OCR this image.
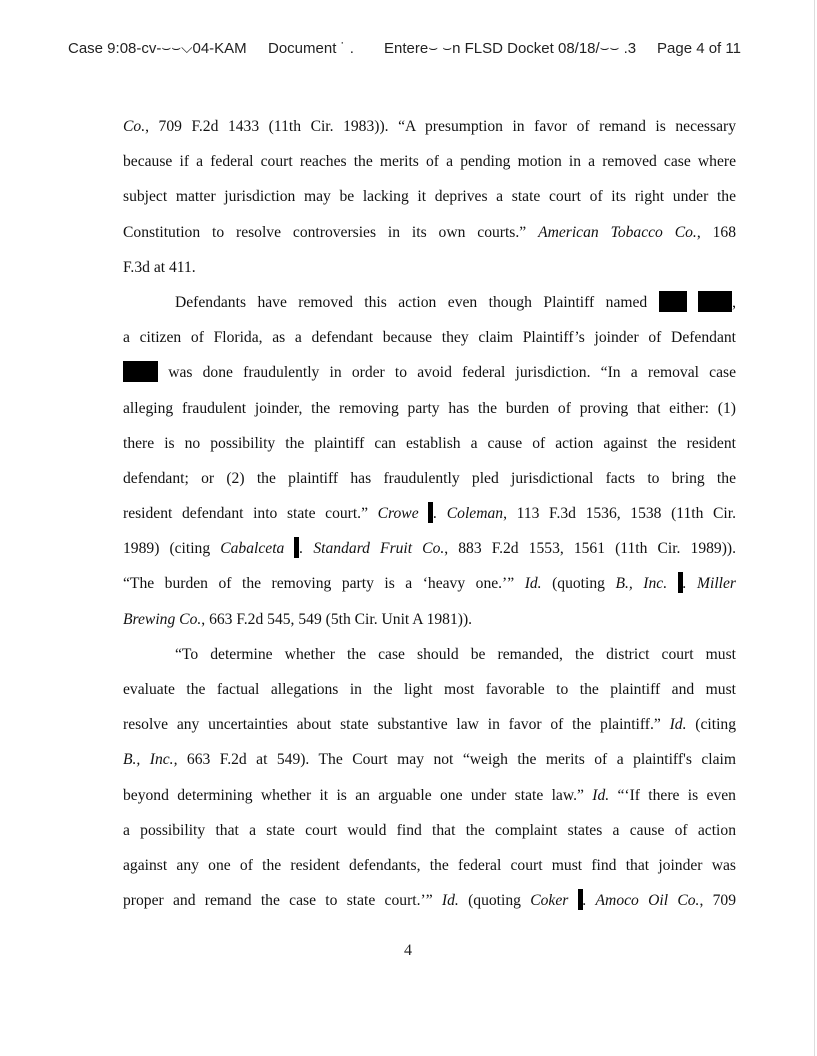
Case 9:08-cv-⌣⌣⌵04-KAM Document ˙ . Entere⌣ ⌣n FLSD Docket 08/18/⌣⌣ .3 Page 4 of 11
Co., 709 F.2d 1433 (11th Cir. 1983)). “A presumption in favor of remand is necessary
because if a federal court reaches the merits of a pending motion in a removed case where
subject matter jurisdiction may be lacking it deprives a state court of its right under the
Constitution to resolve controversies in its own courts.” American Tobacco Co., 168
F.3d at 411.
Defendants have removed this action even though Plaintiff named	,
a citizen of Florida, as a defendant because they claim Plaintiff’s joinder of Defendant
was done fraudulently in order to avoid federal jurisdiction. “In a removal case
alleging fraudulent joinder, the removing party has the burden of proving that either: (1)
there is no possibility the plaintiff can establish a cause of action against the resident
defendant; or (2) the plaintiff has fraudulently pled jurisdictional facts to bring the
resident defendant into state court.” Crowe . Coleman, 113 F.3d 1536, 1538 (11th Cir.
1989) (citing Cabalceta . Standard Fruit Co., 883 F.2d 1553, 1561 (11th Cir. 1989)).
“The burden of the removing party is a ‘heavy one.’” Id. (quoting B., Inc. . Miller
Brewing Co., 663 F.2d 545, 549 (5th Cir. Unit A 1981)).
“To determine whether the case should be remanded, the district court must
evaluate the factual allegations in the light most favorable to the plaintiff and must
resolve any uncertainties about state substantive law in favor of the plaintiff.” Id. (citing
B., Inc., 663 F.2d at 549). The Court may not “weigh the merits of a plaintiff's claim
beyond determining whether it is an arguable one under state law.” Id. “‘If there is even
a possibility that a state court would find that the complaint states a cause of action
against any one of the resident defendants, the federal court must find that joinder was
proper and remand the case to state court.’” Id. (quoting Coker . Amoco Oil Co., 709
4
